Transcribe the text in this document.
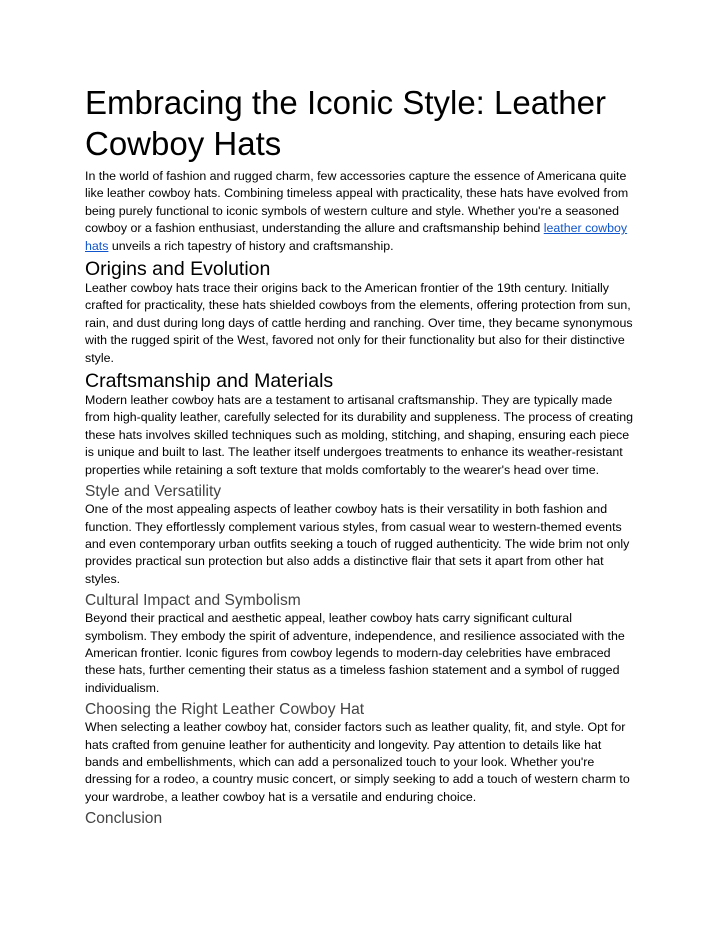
Embracing the Iconic Style: Leather Cowboy Hats

In the world of fashion and rugged charm, few accessories capture the essence of Americana quite like leather cowboy hats. Combining timeless appeal with practicality, these hats have evolved from being purely functional to iconic symbols of western culture and style. Whether you're a seasoned cowboy or a fashion enthusiast, understanding the allure and craftsmanship behind leather cowboy hats unveils a rich tapestry of history and craftsmanship.

Origins and Evolution

Leather cowboy hats trace their origins back to the American frontier of the 19th century. Initially crafted for practicality, these hats shielded cowboys from the elements, offering protection from sun, rain, and dust during long days of cattle herding and ranching. Over time, they became synonymous with the rugged spirit of the West, favored not only for their functionality but also for their distinctive style.

Craftsmanship and Materials

Modern leather cowboy hats are a testament to artisanal craftsmanship. They are typically made from high-quality leather, carefully selected for its durability and suppleness. The process of creating these hats involves skilled techniques such as molding, stitching, and shaping, ensuring each piece is unique and built to last. The leather itself undergoes treatments to enhance its weather-resistant properties while retaining a soft texture that molds comfortably to the wearer's head over time.

Style and Versatility

One of the most appealing aspects of leather cowboy hats is their versatility in both fashion and function. They effortlessly complement various styles, from casual wear to western-themed events and even contemporary urban outfits seeking a touch of rugged authenticity. The wide brim not only provides practical sun protection but also adds a distinctive flair that sets it apart from other hat styles.

Cultural Impact and Symbolism

Beyond their practical and aesthetic appeal, leather cowboy hats carry significant cultural symbolism. They embody the spirit of adventure, independence, and resilience associated with the American frontier. Iconic figures from cowboy legends to modern-day celebrities have embraced these hats, further cementing their status as a timeless fashion statement and a symbol of rugged individualism.

Choosing the Right Leather Cowboy Hat

When selecting a leather cowboy hat, consider factors such as leather quality, fit, and style. Opt for hats crafted from genuine leather for authenticity and longevity. Pay attention to details like hat bands and embellishments, which can add a personalized touch to your look. Whether you're dressing for a rodeo, a country music concert, or simply seeking to add a touch of western charm to your wardrobe, a leather cowboy hat is a versatile and enduring choice.

Conclusion
